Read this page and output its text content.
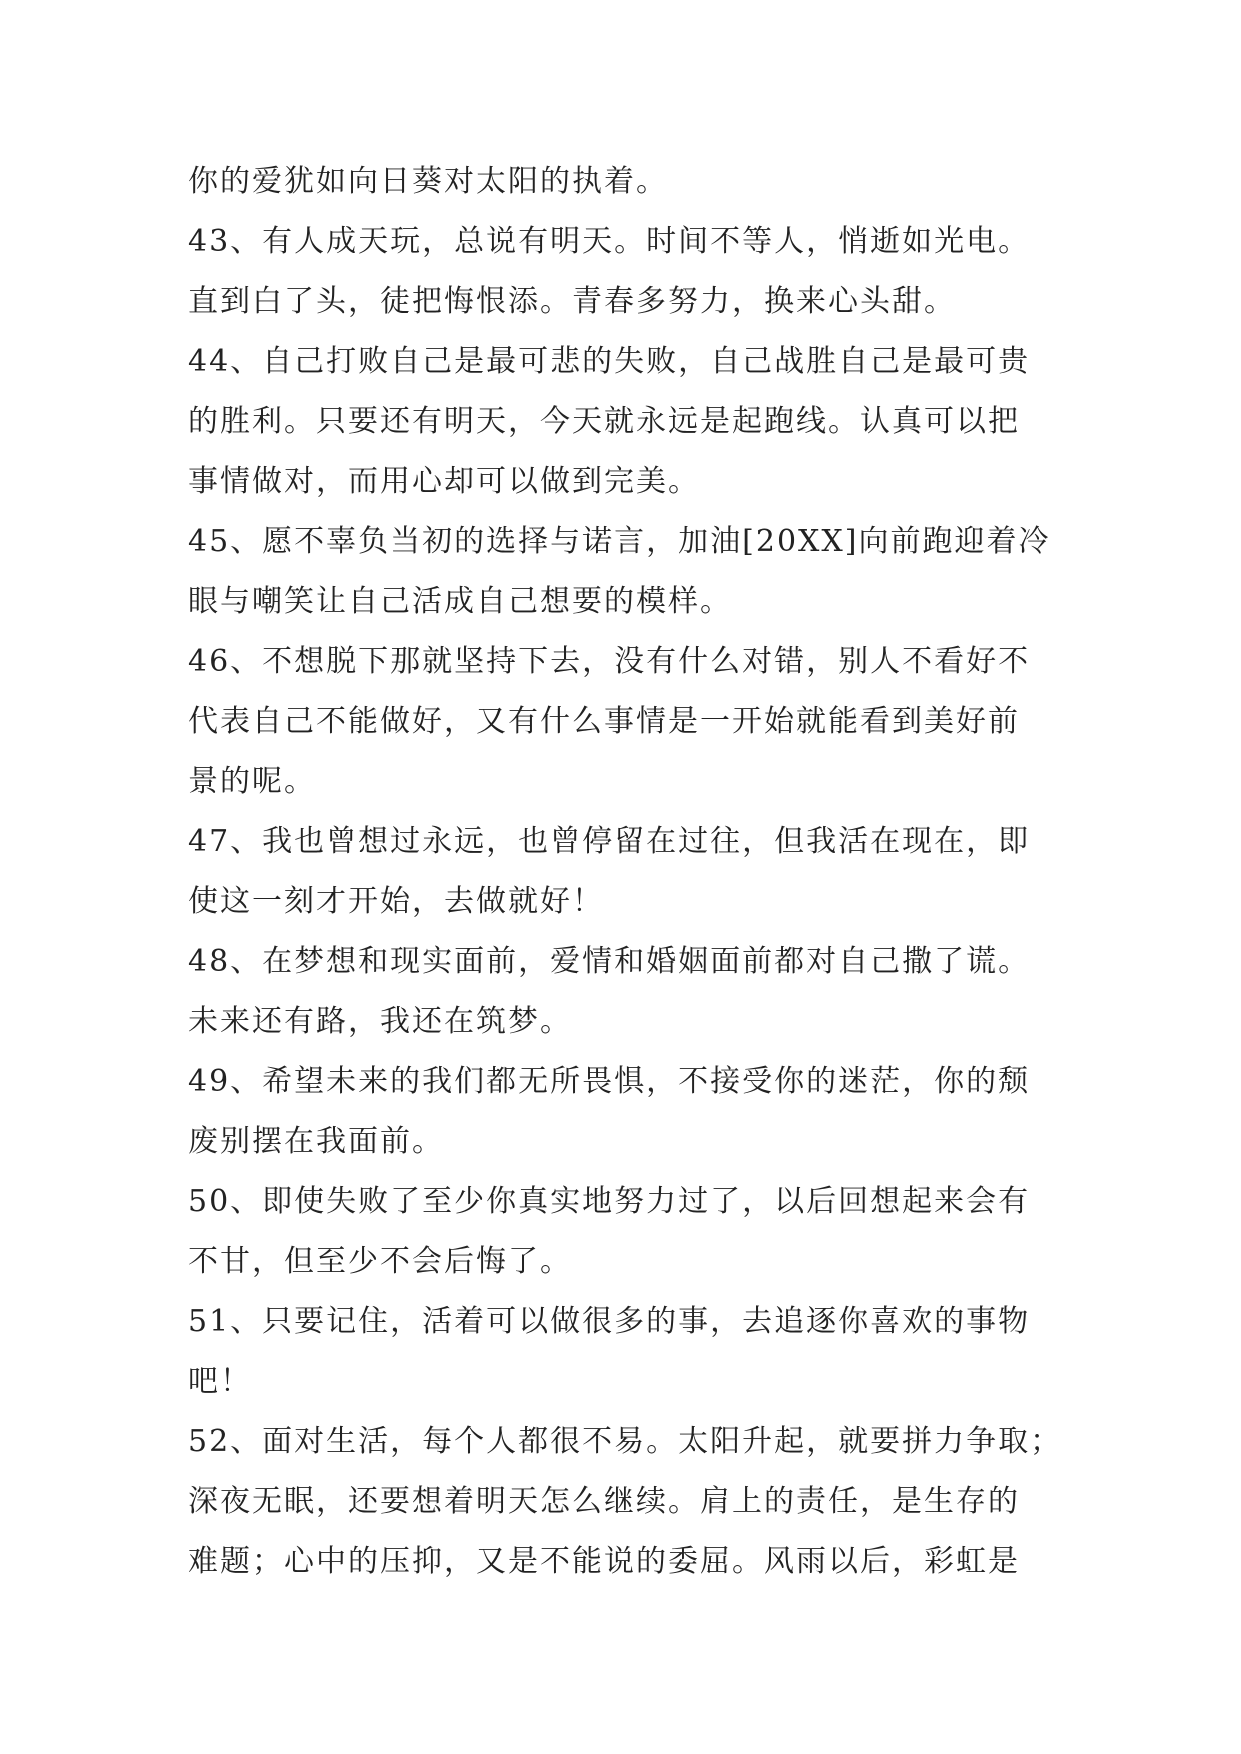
你的爱犹如向日葵对太阳的执着。
43、有人成天玩，总说有明天。时间不等人，悄逝如光电。
直到白了头，徒把悔恨添。青春多努力，换来心头甜。
44、自己打败自己是最可悲的失败，自己战胜自己是最可贵
的胜利。只要还有明天，今天就永远是起跑线。认真可以把
事情做对，而用心却可以做到完美。
45、愿不辜负当初的选择与诺言，加油[20XX]向前跑迎着冷
眼与嘲笑让自己活成自己想要的模样。
46、不想脱下那就坚持下去，没有什么对错，别人不看好不
代表自己不能做好，又有什么事情是一开始就能看到美好前
景的呢。
47、我也曾想过永远，也曾停留在过往，但我活在现在，即
使这一刻才开始，去做就好！
48、在梦想和现实面前，爱情和婚姻面前都对自己撒了谎。
未来还有路，我还在筑梦。
49、希望未来的我们都无所畏惧，不接受你的迷茫，你的颓
废别摆在我面前。
50、即使失败了至少你真实地努力过了，以后回想起来会有
不甘，但至少不会后悔了。
51、只要记住，活着可以做很多的事，去追逐你喜欢的事物
吧！
52、面对生活，每个人都很不易。太阳升起，就要拼力争取；
深夜无眠，还要想着明天怎么继续。肩上的责任，是生存的
难题；心中的压抑，又是不能说的委屈。风雨以后，彩虹是
